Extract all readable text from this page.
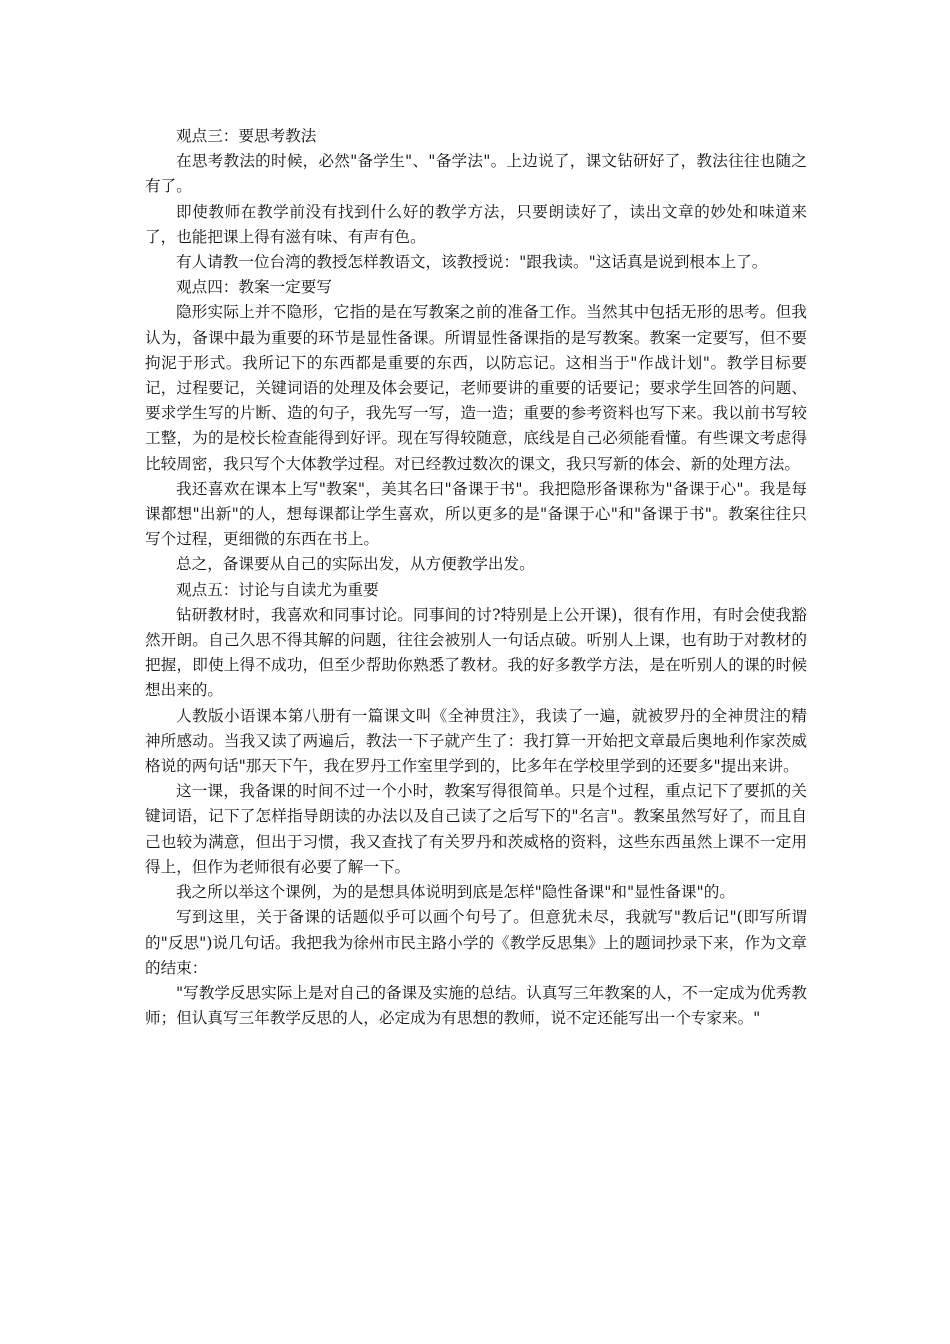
观点三：要思考教法

在思考教法的时候，必然"备学生"、"备学法"。上边说了，课文钻研好了，教法往往也随之有了。

即使教师在教学前没有找到什么好的教学方法，只要朗读好了，读出文章的妙处和味道来了，也能把课上得有滋有味、有声有色。

有人请教一位台湾的教授怎样教语文，该教授说："跟我读。"这话真是说到根本上了。

观点四：教案一定要写

隐形实际上并不隐形，它指的是在写教案之前的准备工作。当然其中包括无形的思考。但我认为，备课中最为重要的环节是显性备课。所谓显性备课指的是写教案。教案一定要写，但不要拘泥于形式。我所记下的东西都是重要的东西，以防忘记。这相当于"作战计划"。教学目标要记，过程要记，关键词语的处理及体会要记，老师要讲的重要的话要记；要求学生回答的问题、要求学生写的片断、造的句子，我先写一写，造一造；重要的参考资料也写下来。我以前书写较工整，为的是校长检查能得到好评。现在写得较随意，底线是自己必须能看懂。有些课文考虑得比较周密，我只写个大体教学过程。对已经教过数次的课文，我只写新的体会、新的处理方法。

我还喜欢在课本上写"教案"，美其名曰"备课于书"。我把隐形备课称为"备课于心"。我是每课都想"出新"的人，想每课都让学生喜欢，所以更多的是"备课于心"和"备课于书"。教案往往只写个过程，更细微的东西在书上。

总之，备课要从自己的实际出发，从方便教学出发。

观点五：讨论与自读尤为重要

钻研教材时，我喜欢和同事讨论。同事间的讨?特别是上公开课)，很有作用，有时会使我豁然开朗。自己久思不得其解的问题，往往会被别人一句话点破。听别人上课，也有助于对教材的把握，即使上得不成功，但至少帮助你熟悉了教材。我的好多教学方法，是在听别人的课的时候想出来的。

人教版小语课本第八册有一篇课文叫《全神贯注》，我读了一遍，就被罗丹的全神贯注的精神所感动。当我又读了两遍后，教法一下子就产生了：我打算一开始把文章最后奥地利作家茨威格说的两句话"那天下午，我在罗丹工作室里学到的，比多年在学校里学到的还要多"提出来讲。

这一课，我备课的时间不过一个小时，教案写得很简单。只是个过程，重点记下了要抓的关键词语，记下了怎样指导朗读的办法以及自己读了之后写下的"名言"。教案虽然写好了，而且自己也较为满意，但出于习惯，我又查找了有关罗丹和茨威格的资料，这些东西虽然上课不一定用得上，但作为老师很有必要了解一下。

我之所以举这个课例，为的是想具体说明到底是怎样"隐性备课"和"显性备课"的。

写到这里，关于备课的话题似乎可以画个句号了。但意犹未尽，我就写"教后记"(即写所谓的"反思")说几句话。我把我为徐州市民主路小学的《教学反思集》上的题词抄录下来，作为文章的结束：

"写教学反思实际上是对自己的备课及实施的总结。认真写三年教案的人，不一定成为优秀教师；但认真写三年教学反思的人，必定成为有思想的教师，说不定还能写出一个专家来。"
